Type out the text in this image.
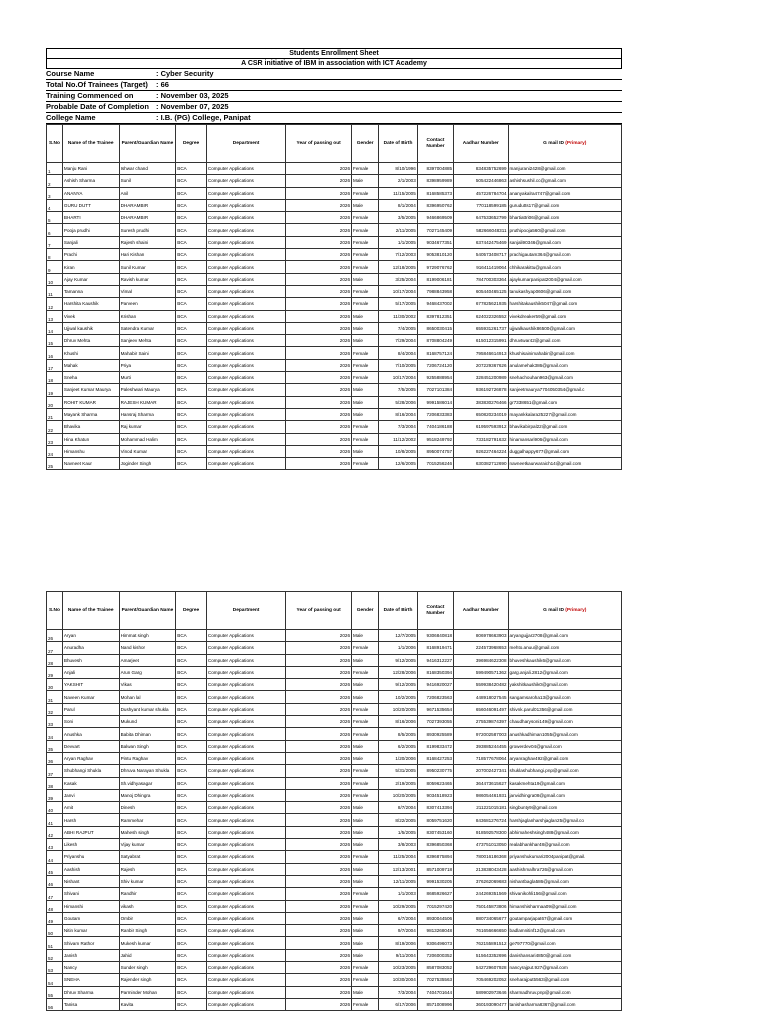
Students Enrollment Sheet
A CSR initiative of IBM in association with ICT Academy
Course Name	: Cyber Security
Total No.Of Trainees (Target)	: 66
Training Commenced on	: November 03, 2025
Probable Date of Completion : November 07, 2025
College Name	: I.B. (PG) College, Panipat
S.No	Name of the Trainee	Parent/Guardian Name	Degree	Department	Year of passing out	Gender	Date of Birth	Contact Number	Aadhar Number	G mail ID (Primary)
1	Manju Rani	Ishwar chand	BCA	Computer Applications	2026	Female	8/10/1996	8397004885	834835752699	manjurani2428@gmail.com
2	Ashish Sharma	Sunil	BCA	Computer Applications	2026	Male	2/1/2003	8398959989	505422446863	ashishsushil.cc@gmail.com
3	ANANYA	Anil	BCA	Computer Applications	2026	Female	11/15/2005	8168585373	457226784704	ananyakalra4747@gmail.com
4	GURU DUTT	DHARAMBIR	BCA	Computer Applications	2026	Male	8/1/2004	8396950762	770118599185	gurudutts17@gmail.com
5	BHARTI	DHARAMBIR	BCA	Computer Applications	2026	Female	3/5/2005	9466869509	647533652799	bhartiattri06@gmail.com
6	Pooja prudhi	Suresh prudhi	BCA	Computer Applications	2026	Female	2/11/2005	7027145409	582666048311	pruthipooja560@gmail.com
7	Sanjali	Rajesh shaini	BCA	Computer Applications	2026	Female	1/1/2005	9034677351	637442475469	sanjali90346@gmail.com
8	Prachi	Hari Kishan	BCA	Computer Applications	2026	Female	7/12/2003	9053810120	540573408717	prachigautam364@gmail.com
9	Kiran	Sunil Kumar	BCA	Computer Applications	2026	Female	12/18/2005	9729076762	916411419064	chhikarakittu@gmail.com
10	Ajay Kumar	Ravish kumar	BCA	Computer Applications	2026	Male	3/25/2004	8199006181	784700303364	ajaykumarpanipat2004@gmail.com
11	Tamanna	Vimal	BCA	Computer Applications	2026	Female	10/17/2004	7988843958	605440465125	tanukashyap0606@gmail.com
12	Harshita Kaushik	Parveen	BCA	Computer Applications	2026	Female	5/17/2005	9468437002	677825621935	harshitakaushik5047@gmail.com
13	Vivek	Krishan	BCA	Computer Applications	2026	Male	11/30/2002	8397812351	624022326552	vivekdreaker59@gmail.com
14	Ujjwal kaushik	Satendra Kumar	BCA	Computer Applications	2026	Male	7/4/2005	8650030415	655931261737	ujjwalkaushik86500@gmail.com
15	Dhruv Mehta	Sanjeev Mehta	BCA	Computer Applications	2026	Male	7/29/2004	8708804249	615012315991	dhruvtwar42@gmail.com
16	Khushi	Mahabir Saini	BCA	Computer Applications	2026	Female	8/4/2004	8168757124	795846614913	khushisainimahabir@gmail.com
17	Mahak	Priya	BCA	Computer Applications	2026	Female	7/10/2005	7206724120	207229367626	anulamehak386@gmail.com
18	Sneha	Murti	BCA	Computer Applications	2026	Female	10/17/2004	9255888954	328451200989	snehachouhan963@gmail.com
19	Sanjeet Kumar Maurya	Paleshwari Maurya	BCA	Computer Applications	2026	Male	7/5/2005	7027101384	936192726878	sanjeetmaurya7704050354@gmail.c
20	ROHIT KUMAR	RAJESH KUMAR	BCA	Computer Applications	2026	Male	5/28/2006	9991586014	383830276466	gr7338651@gmail.com
21	Mayank Sharma	Hansraj Sharma	BCA	Computer Applications	2026	Male	8/16/2004	7206833383	650820234019	mayankkalara25227@gmail.com
22	Bhavika	Raj kumar	BCA	Computer Applications	2026	Female	7/3/2004	7404186188	619597593912	bhavikabirpal22@gmail.com
23	Hina Khatun	Mohammad Halim	BCA	Computer Applications	2026	Female	11/12/2002	9518249792	733182791632	hinamansari906@gmail.com
24	Himanshu	Vinod Kumar	BCA	Computer Applications	2026	Male	10/8/2005	8950074757	926227464224	duggalhappy677@gmail.com
25	Navneet Kaur	Joginder Singh	BCA	Computer Applications	2026	Female	12/6/2005	7015256246	630382712690	navneetkaurwaraich14@gmail.com
S.No	Name of the Trainee	Parent/Guardian Name	Degree	Department	Year of passing out	Gender	Date of Birth	Contact Number	Aadhar Number	G mail ID (Primary)
26	Aryan	Himmat singh	BCA	Computer Applications	2026	Male	12/7/2005	9306840818	806978663903	aryangujjar2708@gmail.com
27	Anuradha	Nand kishor	BCA	Computer Applications	2026	Female	1/1/2006	8168919471	224573968653	mehto.anuu@gmail.com
28	Bhuvesh	Amarjeet	BCA	Computer Applications	2026	Male	9/12/2005	9416312227	396984622308	bhuveshkaushik6@gmail.com
29	Anjali	Arun Garg	BCA	Computer Applications	2026	Female	12/28/2006	8168350394	599490571362	garg.anjali.2812@gmail.com
30	YAKSHIT	Vikas	BCA	Computer Applications	2026	Male	9/12/2005	9416920027	559938420482	yakshitkaushik0@gmail.com
31	Naveen Kumar	Mohan lal	BCA	Computer Applications	2026	Male	10/2/2005	7206823563	448918027545	sangamsaroha13@gmail.com
32	Parul	Dushyant kumar shukla	BCA	Computer Applications	2026	Female	10/20/2005	9671535654	656046091497	shivnk.parul01356@gmail.com
33	Soni	Mukund	BCA	Computer Applications	2026	Female	8/16/2006	7027393055	275539874397	chaudharysoni149@gmail.com
34	Anushka	Babita Dhiman	BCA	Computer Applications	2026	Female	8/5/2005	8930925589	972002587003	anushkadhiman1055@gmail.com
35	Devvart	Balwan Singh	BCA	Computer Applications	2026	Male	6/2/2005	8199833472	393885244455	growerdev04@gmail.com
36	Aryan Raghav	Pintu Raghav	BCA	Computer Applications	2026	Male	1/20/2006	8168427253	718577678064	aryanraghav492@gmail.com
37	Shubhangi Shukla	Dhruva Narayan Shukla	BCA	Computer Applications	2026	Female	5/31/2005	8950230775	207002427341	shuklashubhangi.pnp@gmail.com
38	Kasak	Sh.vidhyasagar	BCA	Computer Applications	2026	Female	2/19/2005	8059623465	364473615627	kasakmehta19@gmail.com
39	Janvi	Manoj Dhingra	BCA	Computer Applications	2026	Female	10/20/2005	9034518923	986054461931	janvidhingra08@gmail.com
40	Amit	Dinesh	BCA	Computer Applications	2026	Male	8/7/2004	8307413394	211221015181	singbunty9@gmail.com
41	Harsh	Rammehar	BCA	Computer Applications	2026	Male	8/22/2005	8059751620	843681276724	harshjaglanharshjaglan25@gmail.co
42	ABHI RAJPUT	Mahesh singh	BCA	Computer Applications	2026	Male	1/5/2005	8307453160	918592578300	abhimaheshsingh488@gmail.com
43	Likesh	Vijay kumar	BCA	Computer Applications	2026	Male	3/8/2003	8396850368	473751013050	realabhankhar48@gmail.com
44	Priyanshu	Satyabrat	BCA	Computer Applications	2026	Female	11/25/2004	8396875894	780016186368	priyanshukumari2004panipat@gmail.
45	Aashish	Rajesh	BCA	Computer Applications	2026	Male	12/13/2001	8571009718	213838043428	aashishmalhra726@gmail.com
46	Nishant	Shiv kumar	BCA	Computer Applications	2026	Male	12/11/2005	9991530205	376262069683	nishantbagla586@gmail.com
47	Shivani	Randhir	BCA	Computer Applications	2026	Female	1/1/2003	8685926627	244269351569	shivanikohli156@gmail.com
48	Himanshi	vikash	BCA	Computer Applications	2026	Female	10/29/2005	7015297420	750145873806	himanshisharmaa09@gmail.com
49	Goutam	Ombir	BCA	Computer Applications	2026	Male	6/7/2004	8930044506	880734065677	goutamparjapat67@gmail.com
50	Nitin kumar	Ranbir Singh	BCA	Computer Applications	2026	Male	9/7/2004	9813268048	761656666650	badlamnitinf12@gmail.com
51	Shivam Rathor	Mukesh kumar	BCA	Computer Applications	2026	Male	8/19/2006	9306496073	762155891512	ge797770@gmail.com
52	Janish	Jahid	BCA	Computer Applications	2026	Male	9/11/2004	7206000352	515643352696	danishansari4850@gmail.com
53	Nancy	Sunder singh	BCA	Computer Applications	2026	Female	10/23/2005	8587083052	542729607928	nancyrajput.927@gmail.com
54	SNEHA	Rajender singh	BCA	Computer Applications	2026	Female	10/30/2004	7027535563	705469202052	sneharajput5563@gmail.com
55	Dhruv Sharma	Parminder Mohan	BCA	Computer Applications	2026	Male	7/3/2004	7404701644	589902973646	sharmadhruv.pnp@gmail.com
56	Tanisa	Kavita	BCA	Computer Applications	2026	Female	6/17/2006	8571008996	360193090477	tanishasharma8367@gmail.com
